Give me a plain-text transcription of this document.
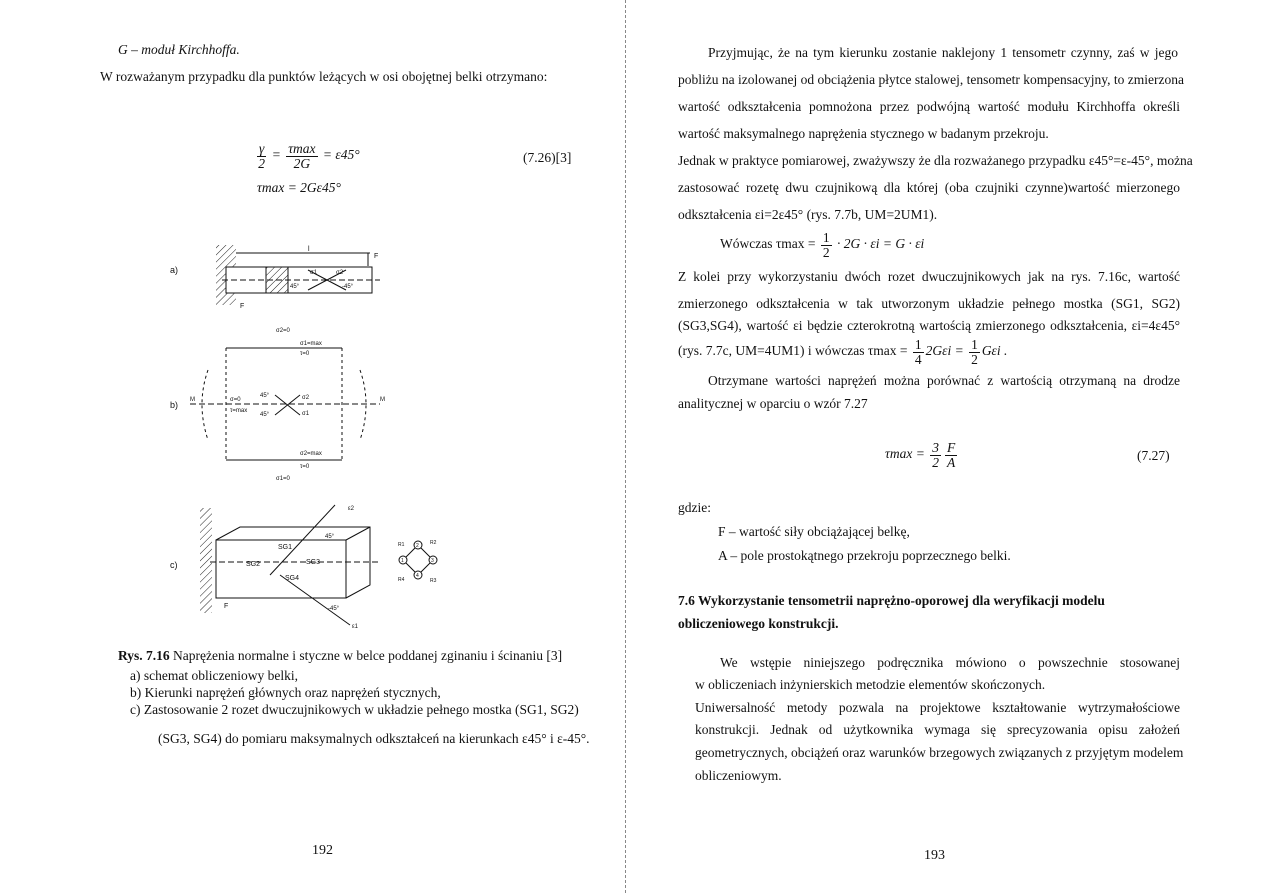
G – moduł Kirchhoffa.
W rozważanym przypadku dla punktów leżących w osi obojętnej belki otrzymano:
$\frac{\gamma}{2} = \frac{\tau\max}{2G} = \varepsilon 45^\circ$
τmax = 2Gε45°
(7.26)[3]
a)
l
F
45°	-45°
σ1	σ2
F
b)
σ2=0
σ1=max
τ=0
σ=0
τ=max
45°
45°
σ2
σ1
σ2=max
τ=0
σ1=0
M	M
c)
SG1
SG2	SG3
SG4
45°
-45°
ε2
ε1
F
2
3
4
1
R1	R2
R4	R3
Rys. 7.16 Naprężenia normalne i styczne w belce poddanej zginaniu i ścinaniu [3]
a) schemat obliczeniowy belki,
b) Kierunki naprężeń głównych oraz naprężeń stycznych,
c) Zastosowanie 2 rozet dwuczujnikowych w układzie pełnego mostka (SG1, SG2)
(SG3, SG4) do pomiaru maksymalnych odkształceń na kierunkach ε45° i ε-45°.
192
Przyjmując, że na tym kierunku zostanie naklejony 1 tensometr czynny, zaś w jego
pobliżu na izolowanej od obciążenia płytce stalowej, tensometr kompensacyjny, to zmierzona
wartość odkształcenia pomnożona przez podwójną wartość modułu Kirchhoffa określi
wartość maksymalnego naprężenia stycznego w badanym przekroju.
Jednak w praktyce pomiarowej, zważywszy że dla rozważanego przypadku ε45°=ε-45°, można
zastosować rozetę dwu czujnikową dla której (oba czujniki czynne)wartość mierzonego
odkształcenia εi=2ε45° (rys. 7.7b, UM=2UM1).
Wówczas $\tau\max = \frac{1}{2} \cdot 2G \cdot \varepsilon i = G \cdot \varepsilon i$
Z kolei przy wykorzystaniu dwóch rozet dwuczujnikowych jak na rys. 7.16c, wartość
zmierzonego odkształcenia w tak utworzonym układzie pełnego mostka (SG1, SG2)
(SG3,SG4), wartość εi będzie czterokrotną wartością zmierzonego odkształcenia, εi=4ε45°
(rys. 7.7c, UM=4UM1) i wówczas $\tau\max = \frac{1}{4} 2G\varepsilon i = \frac{1}{2}$ Gεi .
Otrzymane wartości naprężeń można porównać z wartością otrzymaną na drodze
analitycznej w oparciu o wzór 7.27
$\tau\max = \frac{3}{2} \frac{F}{A}$	(7.27)
gdzie:
F – wartość siły obciążającej belkę,
A – pole prostokątnego przekroju poprzecznego belki.
7.6 Wykorzystanie tensometrii naprężno-oporowej dla weryfikacji modelu
obliczeniowego konstrukcji.
We wstępie niniejszego podręcznika mówiono o powszechnie stosowanej
w obliczeniach inżynierskich metodzie elementów skończonych.
Uniwersalność metody pozwala na projektowe kształtowanie wytrzymałościowe
konstrukcji. Jednak od użytkownika wymaga się sprecyzowania opisu założeń
geometrycznych, obciążeń oraz warunków brzegowych związanych z przyjętym modelem
obliczeniowym.
193
